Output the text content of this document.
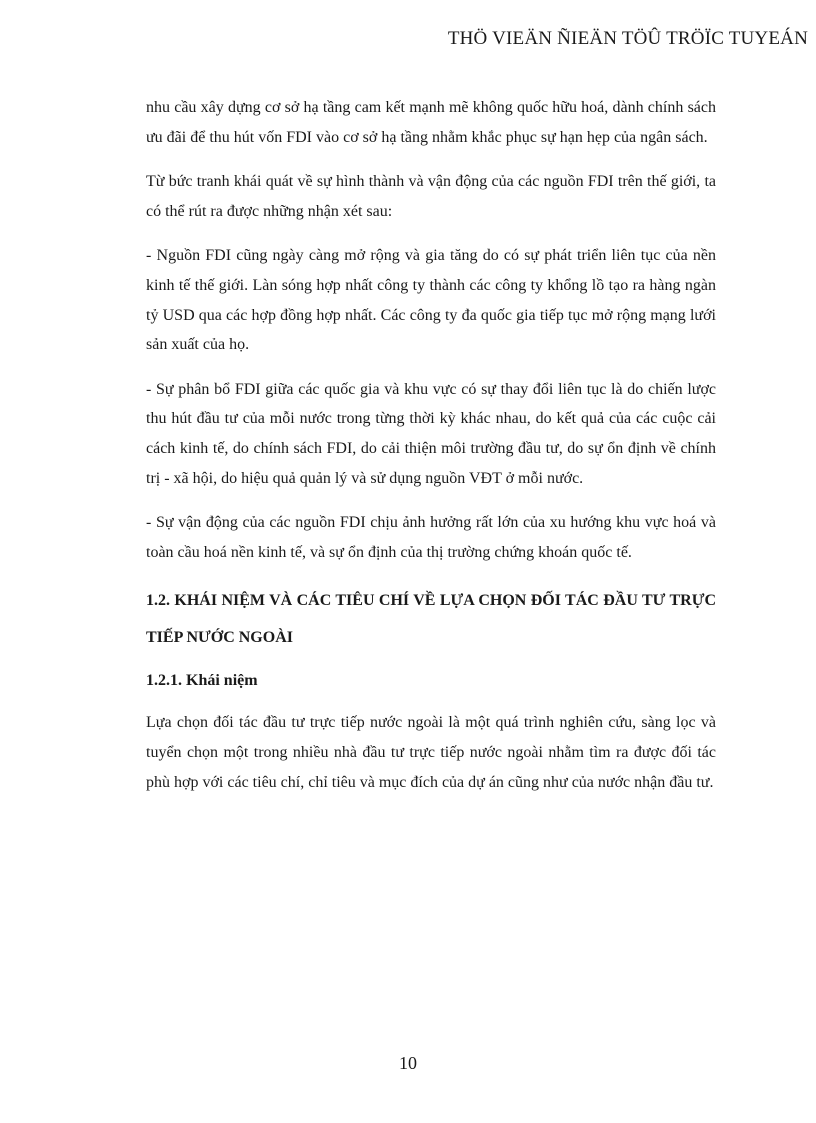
THÖ VIEÄN ÑIEÄN TÖÛ TRÖÏC TUYEÁN

nhu cầu xây dựng cơ sở hạ tầng cam kết mạnh mẽ không quốc hữu hoá, dành chính sách ưu đãi để thu hút vốn FDI vào cơ sở hạ tầng nhằm khắc phục sự hạn hẹp của ngân sách.

Từ bức tranh khái quát về sự hình thành và vận động của các nguồn FDI trên thế giới, ta có thể rút ra được những nhận xét sau:

- Nguồn FDI cũng ngày càng mở rộng và gia tăng do có sự phát triển liên tục của nền kinh tế thế giới. Làn sóng hợp nhất công ty thành các công ty khổng lồ tạo ra hàng ngàn tỷ USD qua các hợp đồng hợp nhất. Các công ty đa quốc gia tiếp tục mở rộng mạng lưới sản xuất của họ.

- Sự phân bổ FDI giữa các quốc gia và khu vực có sự thay đổi liên tục là do chiến lược thu hút đầu tư của mỗi nước trong từng thời kỳ khác nhau, do kết quả của các cuộc cải cách kinh tế, do chính sách FDI, do cải thiện môi trường đầu tư, do sự ổn định về chính trị - xã hội, do hiệu quả quản lý và sử dụng nguồn VĐT ở mỗi nước.

- Sự vận động của các nguồn FDI chịu ảnh hưởng rất lớn của xu hướng khu vực hoá và toàn cầu hoá nền kinh tế, và sự ổn định của thị trường chứng khoán quốc tế.

1.2. KHÁI NIỆM VÀ CÁC TIÊU CHÍ VỀ LỰA CHỌN ĐỐI TÁC ĐẦU TƯ TRỰC TIẾP NƯỚC NGOÀI
1.2.1. Khái niệm

Lựa chọn đối tác đầu tư trực tiếp nước ngoài là một quá trình nghiên cứu, sàng lọc và tuyển chọn một trong nhiều nhà đầu tư trực tiếp nước ngoài nhằm tìm ra được đối tác phù hợp với các tiêu chí, chỉ tiêu và mục đích của dự án cũng như của nước nhận đầu tư.

10
